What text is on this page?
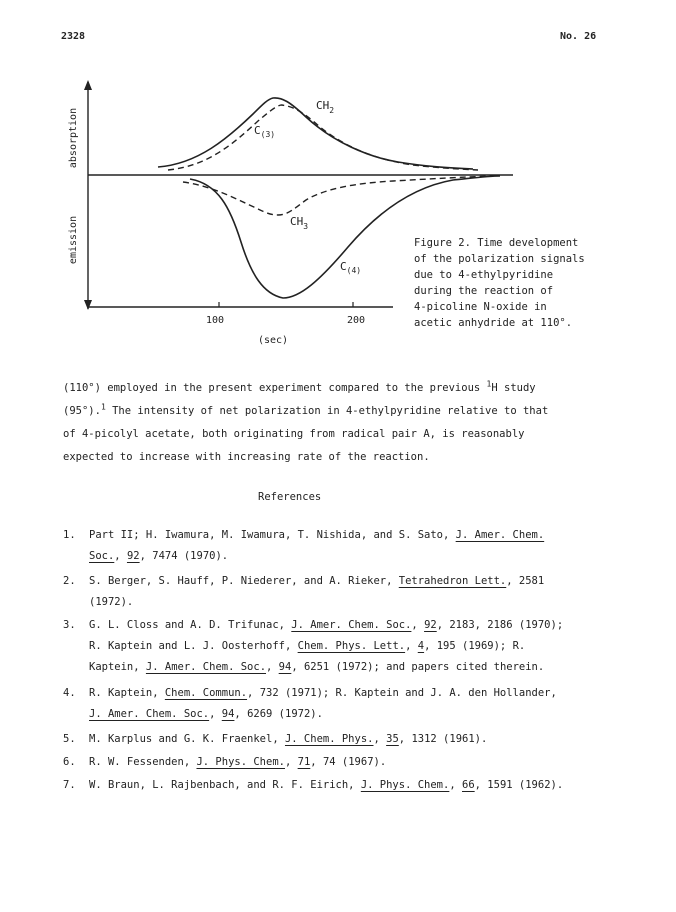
2328	No. 26
100	200
(sec)
absorption
emission
$CH_2$
$C_{(3)}$
$CH_3$
$C_{(4)}$
Figure 2. Time development
of the polarization signals
due to 4-ethylpyridine
during the reaction of
4-picoline N-oxide in
acetic anhydride at 110°.
(110°) employed in the present experiment compared to the previous $^1$H study
(95°).$^1$ The intensity of net polarization in 4-ethylpyridine relative to that
of 4-picolyl acetate, both originating from radical pair A, is reasonably
expected to increase with increasing rate of the reaction.
References
1. Part II; H. Iwamura, M. Iwamura, T. Nishida, and S. Sato, J. Amer. Chem.
Soc., 92, 7474 (1970).
2. S. Berger, S. Hauff, P. Niederer, and A. Rieker, Tetrahedron Lett., 2581
(1972).
3. G. L. Closs and A. D. Trifunac, J. Amer. Chem. Soc., 92, 2183, 2186 (1970);
R. Kaptein and L. J. Oosterhoff, Chem. Phys. Lett., 4, 195 (1969); R.
Kaptein, J. Amer. Chem. Soc., 94, 6251 (1972); and papers cited therein.
4. R. Kaptein, Chem. Commun., 732 (1971); R. Kaptein and J. A. den Hollander,
J. Amer. Chem. Soc., 94, 6269 (1972).
5. M. Karplus and G. K. Fraenkel, J. Chem. Phys., 35, 1312 (1961).
6. R. W. Fessenden, J. Phys. Chem., 71, 74 (1967).
7. W. Braun, L. Rajbenbach, and R. F. Eirich, J. Phys. Chem., 66, 1591 (1962).
